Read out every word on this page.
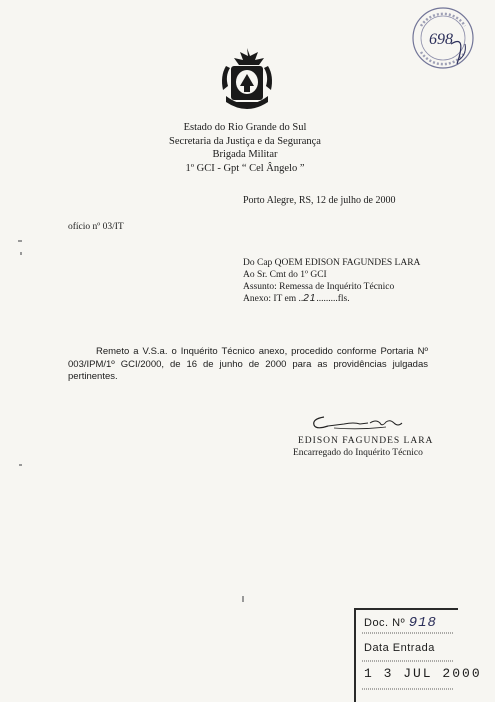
Estado do Rio Grande do Sul
Secretaria da Justiça e da Segurança
Brigada Militar
1º GCI - Gpt “ Cel Ângelo ”
Porto Alegre, RS, 12 de julho de 2000
ofício nº 03/IT
Do Cap QOEM EDISON FAGUNDES LARA
Ao Sr. Cmt do 1º GCI
Assunto: Remessa de Inquérito Técnico
Anexo: IT em ..21.........fls.
Remeto a V.S.a. o Inquérito Técnico anexo, procedido conforme Portaria Nº 003/IPM/1º GCI/2000, de 16 de junho de 2000 para as providências julgadas pertinentes.
EDISON FAGUNDES LARA
Encarregado do Inquérito Técnico
698
Doc. Nº 918
Data Entrada
1 3 JUL 2000
